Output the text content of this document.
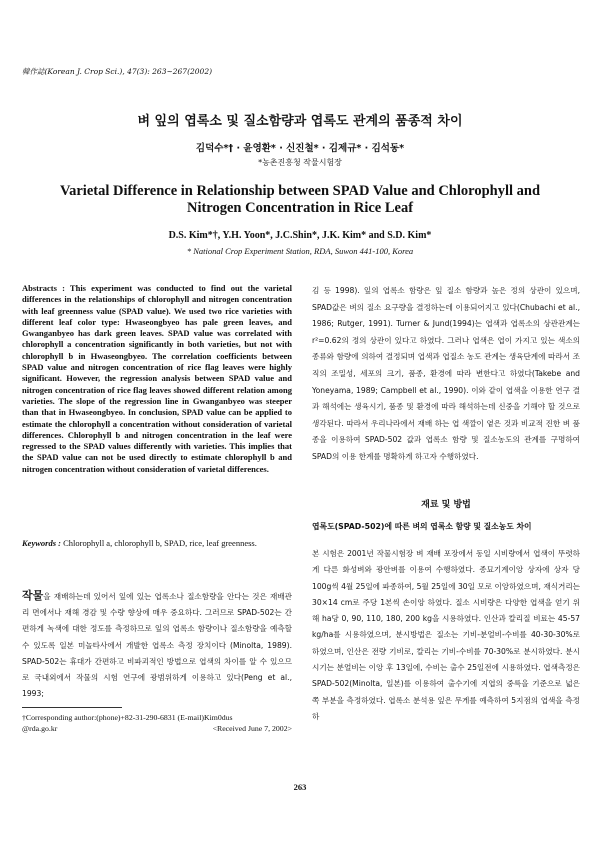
韓作誌(Korean J. Crop Sci.), 47(3): 263~267(2002)
벼 잎의 엽록소 및 질소함량과 엽록도 관계의 품종적 차이
김덕수*† · 윤영환* · 신진철* · 김제규* · 김석동*
*농촌진흥청 작물시험장
Varietal Difference in Relationship between SPAD Value and Chlorophyll and Nitrogen Concentration in Rice Leaf
D.S. Kim*†, Y.H. Yoon*, J.C.Shin*, J.K. Kim* and S.D. Kim*
* National Crop Experiment Station, RDA, Suwon 441-100, Korea
Abstracts : This experiment was conducted to find out the varietal differences in the relationships of chlorophyll and nitrogen concentration with leaf greenness value (SPAD value). We used two rice varieties with different leaf color type: Hwaseongbyeo has pale green leaves, and Gwanganbyeo has dark green leaves. SPAD value was correlated with chlorophyll a concentration significantly in both varieties, but not with chlorophyll b in Hwaseongbyeo. The correlation coefficients between SPAD value and nitrogen concentration of rice flag leaves were highly significant. However, the regression analysis between SPAD value and nitrogen concentration of rice flag leaves showed different relation among varieties. The slope of the regression line in Gwanganbyeo was steeper than that in Hwaseongbyeo. In conclusion, SPAD value can be applied to estimate the chlorophyll a concentration without consideration of varietal differences. Chlorophyll b and nitrogen concentration in the leaf were regressed to the SPAD values differently with varieties. This implies that the SPAD value can not be used directly to estimate chlorophyll b and nitrogen concentration without consideration of varietal differences.
Keywords : Chlorophyll a, chlorophyll b, SPAD, rice, leaf greenness.
작물을 재배하는데 있어서 잎에 있는 엽록소나 질소함량을 안다는 것은 재배관리 면에서나 재해 경감 및 수량 향상에 매우 중요하다. 그러므로 SPAD-502는 간편하게 녹색에 대한 정도를 측정하므로 잎의 엽록소 함량이나 질소함량을 예측할 수 있도록 일본 미놀타사에서 개발한 엽록소 측정 장치이다 (Minolta, 1989). SPAD-502는 휴대가 간편하고 비파괴적인 방법으로 엽색의 차이를 알 수 있으므로 국내외에서 작물의 시험 연구에 광범위하게 이용하고 있다(Peng et al., 1993;
†Corresponding author:(phone)+82-31-290-6831 (E-mail)Kim0dus
@rda.go.kr	<Received June 7, 2002>
김 등 1998). 잎의 엽록소 함량은 잎 질소 함량과 높은 정의 상관이 있으며, SPAD값은 벼의 질소 요구량을 결정하는데 이용되어지고 있다(Chubachi et al., 1986; Rutger, 1991). Turner & Jund(1994)는 엽색과 엽록소의 상관관계는 r²=0.62의 정의 상관이 있다고 하였다. 그러나 엽색은 엽이 가지고 있는 색소의 종류와 함량에 의하여 결정되며 엽색과 엽질소 농도 관계는 생육단계에 따라서 조직의 조밀성, 세포의 크기, 품종, 환경에 따라 변한다고 하였다(Takebe and Yoneyama, 1989; Campbell et al., 1990). 이와 같이 엽색을 이용한 연구 결과 해석에는 생육시기, 품종 및 환경에 따라 해석하는데 신중을 기해야 할 것으로 생각된다. 따라서 우리나라에서 재배 하는 엽 색깔이 옅은 것과 비교적 진한 벼 품종을 이용하여 SPAD-502 값과 엽록소 함량 및 질소농도의 관계를 구명하여 SPAD의 이용 한계를 명확하게 하고자 수행하였다.
재료 및 방법
엽록도(SPAD-502)에 따른 벼의 엽록소 함량 및 질소농도 차이
본 시험은 2001년 작물시험장 벼 재배 포장에서 동일 시비량에서 엽색이 뚜렷하게 다른 화성벼와 광안벼를 이용여 수행하였다. 종묘기계이앙 상자에 상자 당 100g씩 4월 25일에 파종하여, 5월 25일에 30일 모로 이앙하였으며, 재식거리는 30×14 cm로 주당 1본씩 손이앙 하였다. 질소 시비량은 다양한 엽색을 얻기 위해 ha당 0, 90, 110, 180, 200 kg을 시용하였다. 인산과 칼리질 비료는 45-57 kg/ha를 시용하였으며, 분시방법은 질소는 기비-분얼비-수비를 40-30-30%로 하였으며, 인산은 전량 기비로, 칼리는 기비-수비를 70-30%로 분시하였다. 분시 시기는 분얼비는 이앙 후 13일에, 수비는 출수 25일전에 시용하였다. 엽색측정은 SPAD-502(Minolta, 일본)를 이용하여 출수기에 지엽의 중륵을 기준으로 넓은 쪽 부분을 측정하였다. 엽록소 분석용 잎은 무게를 예측하여 5지점의 엽색을 측정하
263
